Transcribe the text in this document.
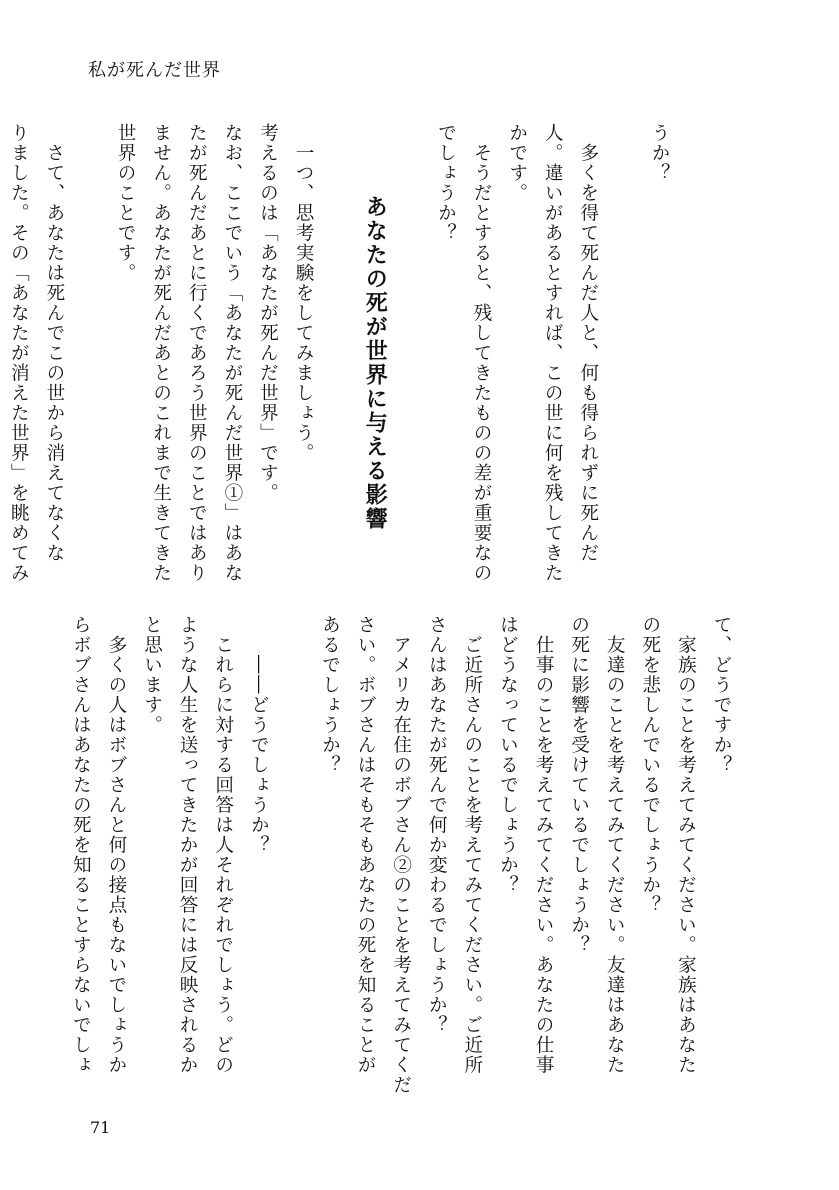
私が死んだ世界
うか？

　多くを得て死んだ人と、何も得られずに死んだ
人。違いがあるとすれば、この世に何を残してきた
かです。
　そうだとすると、残してきたものの差が重要なの
でしょうか？

　　　あなたの死が世界に与える影響

　一つ、思考実験をしてみましょう。
考えるのは「あなたが死んだ世界」です。
なお、ここでいう「あなたが死んだ世界①」はあな
たが死んだあとに行くであろう世界のことではあり
ません。あなたが死んだあとのこれまで生きてきた
世界のことです。

　さて、あなたは死んでこの世から消えてなくな
りました。その「あなたが消えた世界」を眺めてみ
て、どうですか？
　家族のことを考えてみてください。家族はあなた
の死を悲しんでいるでしょうか？
　友達のことを考えてみてください。友達はあなた
の死に影響を受けているでしょうか？
　仕事のことを考えてみてください。あなたの仕事
はどうなっているでしょうか？
　ご近所さんのことを考えてみてください。ご近所
さんはあなたが死んで何か変わるでしょうか？
　アメリカ在住のボブさん②のことを考えてみてくだ
さい。ボブさんはそもそもあなたの死を知ることが
あるでしょうか？

　　――どうでしょうか？
　これらに対する回答は人それぞれでしょう。どの
ような人生を送ってきたかが回答には反映されるか
と思います。
　多くの人はボブさんと何の接点もないでしょうか
らボブさんはあなたの死を知ることすらないでしょ
71
